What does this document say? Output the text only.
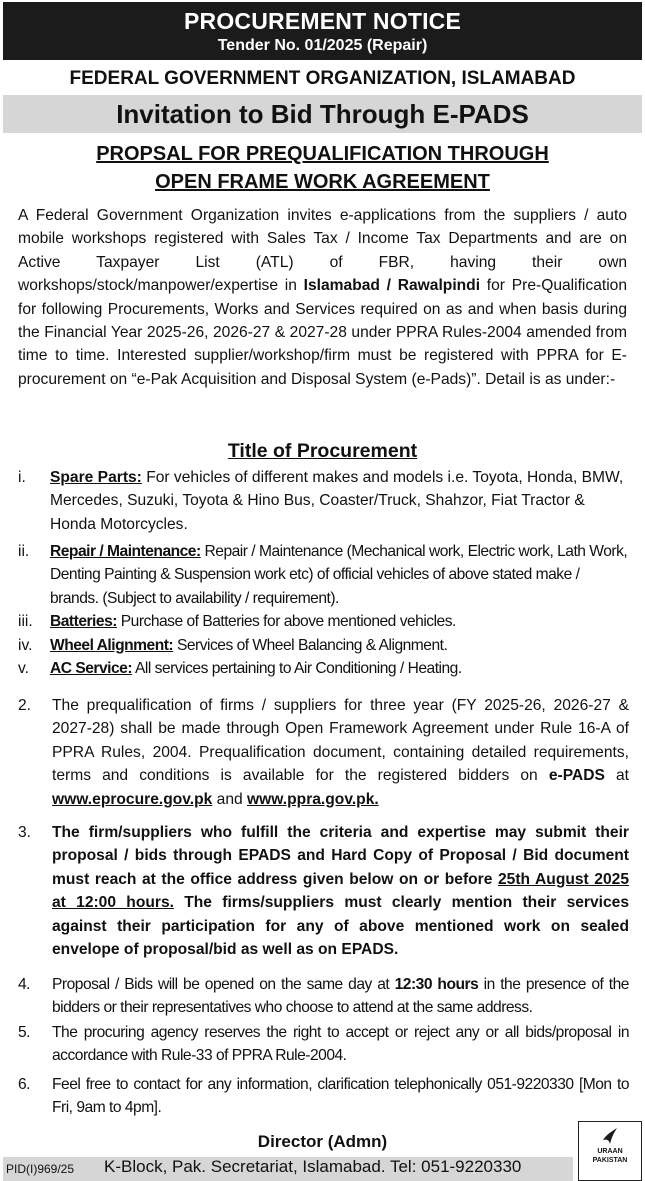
PROCUREMENT NOTICE
Tender No. 01/2025 (Repair)
FEDERAL GOVERNMENT ORGANIZATION, ISLAMABAD
Invitation to Bid Through E-PADS
PROPSAL FOR PREQUALIFICATION THROUGH
OPEN FRAME WORK AGREEMENT
A Federal Government Organization invites e-applications from the suppliers / auto mobile workshops registered with Sales Tax / Income Tax Departments and are on Active Taxpayer List (ATL) of FBR, having their own workshops/stock/manpower/expertise in Islamabad / Rawalpindi for Pre-Qualification for following Procurements, Works and Services required on as and when basis during the Financial Year 2025-26, 2026-27 & 2027-28 under PPRA Rules-2004 amended from time to time. Interested supplier/workshop/firm must be registered with PPRA for E-procurement on “e-Pak Acquisition and Disposal System (e-Pads)”. Detail is as under:-
Title of Procurement
i.	Spare Parts: For vehicles of different makes and models i.e. Toyota, Honda, BMW, Mercedes, Suzuki, Toyota & Hino Bus, Coaster/Truck, Shahzor, Fiat Tractor & Honda Motorcycles.
ii.	Repair / Maintenance: Repair / Maintenance (Mechanical work, Electric work, Lath Work, Denting Painting & Suspension work etc) of official vehicles of above stated make / brands. (Subject to availability / requirement).
iii.	Batteries: Purchase of Batteries for above mentioned vehicles.
iv.	Wheel Alignment: Services of Wheel Balancing & Alignment.
v.	AC Service: All services pertaining to Air Conditioning / Heating.
2.	The prequalification of firms / suppliers for three year (FY 2025-26, 2026-27 & 2027-28) shall be made through Open Framework Agreement under Rule 16-A of PPRA Rules, 2004. Prequalification document, containing detailed requirements, terms and conditions is available for the registered bidders on e-PADS at www.eprocure.gov.pk and www.ppra.gov.pk.
3.	The firm/suppliers who fulfill the criteria and expertise may submit their proposal / bids through EPADS and Hard Copy of Proposal / Bid document must reach at the office address given below on or before 25th August 2025 at 12:00 hours. The firms/suppliers must clearly mention their services against their participation for any of above mentioned work on sealed envelope of proposal/bid as well as on EPADS.
4.	Proposal / Bids will be opened on the same day at 12:30 hours in the presence of the bidders or their representatives who choose to attend at the same address.
5.	The procuring agency reserves the right to accept or reject any or all bids/proposal in accordance with Rule-33 of PPRA Rule-2004.
6.	Feel free to contact for any information, clarification telephonically 051-9220330 [Mon to Fri, 9am to 4pm].
Director (Admn)
PID(I)969/25 K-Block, Pak. Secretariat, Islamabad. Tel: 051-9220330
URAAN
PAKISTAN
